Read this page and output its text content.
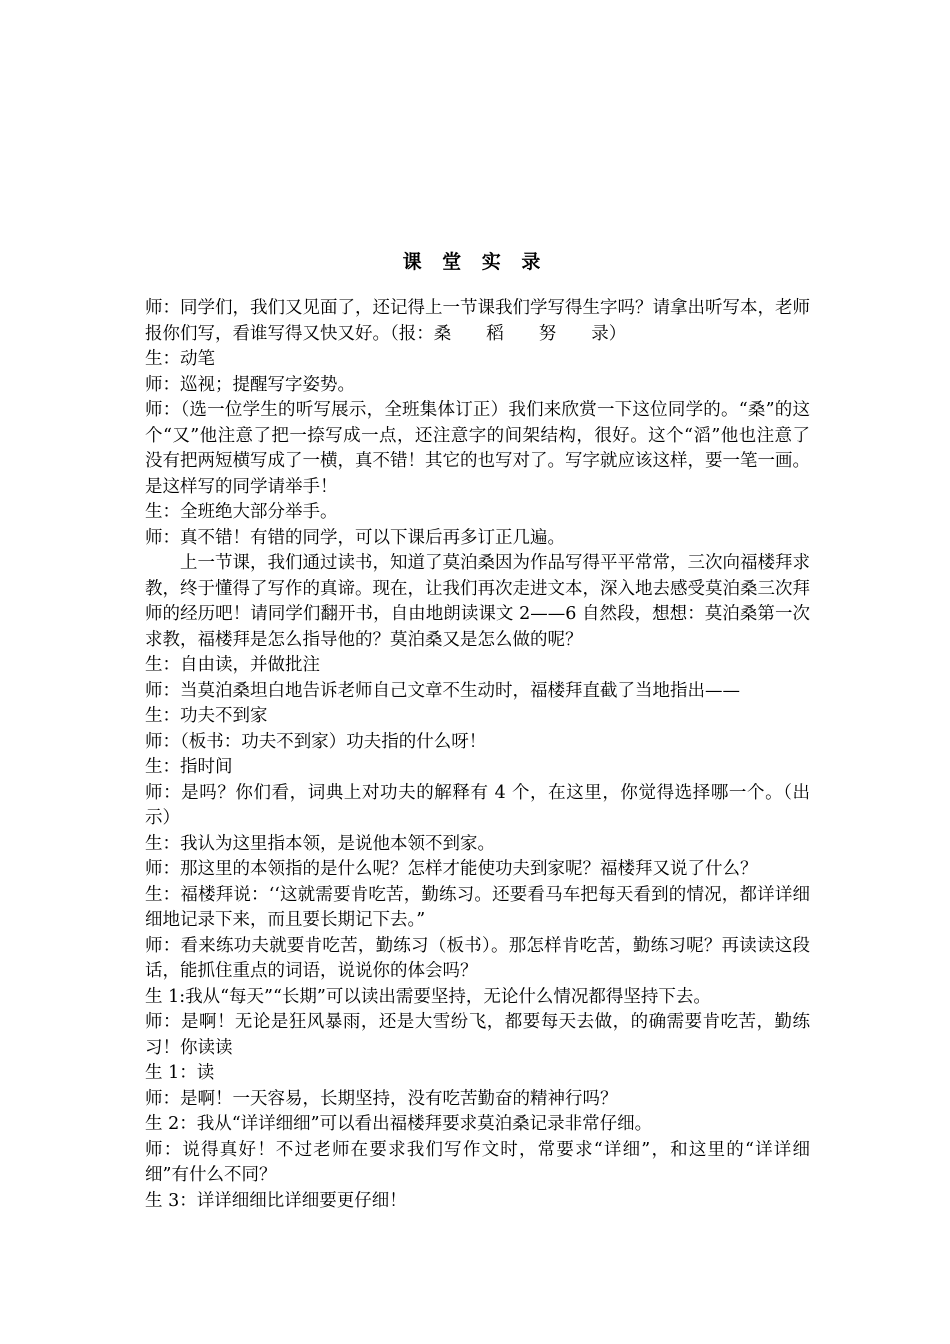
课 堂 实 录

师：同学们，我们又见面了，还记得上一节课我们学写得生字吗？请拿出听写本，老师报你们写，看谁写得又快又好。（报：桑　　稻　　努　　录）

生：动笔

师：巡视；提醒写字姿势。

师：（选一位学生的听写展示，全班集体订正）我们来欣赏一下这位同学的。“桑”的这个“又”他注意了把一捺写成一点，还注意字的间架结构，很好。这个“滔”他也注意了没有把两短横写成了一横，真不错！其它的也写对了。写字就应该这样，要一笔一画。是这样写的同学请举手！

生：全班绝大部分举手。

师：真不错！有错的同学，可以下课后再多订正几遍。

上一节课，我们通过读书，知道了莫泊桑因为作品写得平平常常，三次向福楼拜求教，终于懂得了写作的真谛。现在，让我们再次走进文本，深入地去感受莫泊桑三次拜师的经历吧！请同学们翻开书，自由地朗读课文 2——6 自然段，想想：莫泊桑第一次求教，福楼拜是怎么指导他的？莫泊桑又是怎么做的呢？

生：自由读，并做批注

师：当莫泊桑坦白地告诉老师自己文章不生动时，福楼拜直截了当地指出——

生：功夫不到家

师：（板书：功夫不到家）功夫指的什么呀！

生：指时间

师：是吗？你们看，词典上对功夫的解释有 4 个，在这里，你觉得选择哪一个。（出示）

生：我认为这里指本领，是说他本领不到家。

师：那这里的本领指的是什么呢？怎样才能使功夫到家呢？福楼拜又说了什么？

生：福楼拜说：‘‘这就需要肯吃苦，勤练习。还要看马车把每天看到的情况，都详详细细地记录下来，而且要长期记下去。”

师：看来练功夫就要肯吃苦，勤练习（板书）。那怎样肯吃苦，勤练习呢？再读读这段话，能抓住重点的词语，说说你的体会吗？

生 1:我从“每天”“长期”可以读出需要坚持，无论什么情况都得坚持下去。

师：是啊！无论是狂风暴雨，还是大雪纷飞，都要每天去做，的确需要肯吃苦，勤练习！你读读

生 1：读

师：是啊！一天容易，长期坚持，没有吃苦勤奋的精神行吗？

生 2：我从“详详细细”可以看出福楼拜要求莫泊桑记录非常仔细。

师：说得真好！不过老师在要求我们写作文时，常要求“详细”，和这里的“详详细细”有什么不同？

生 3：详详细细比详细要更仔细！
